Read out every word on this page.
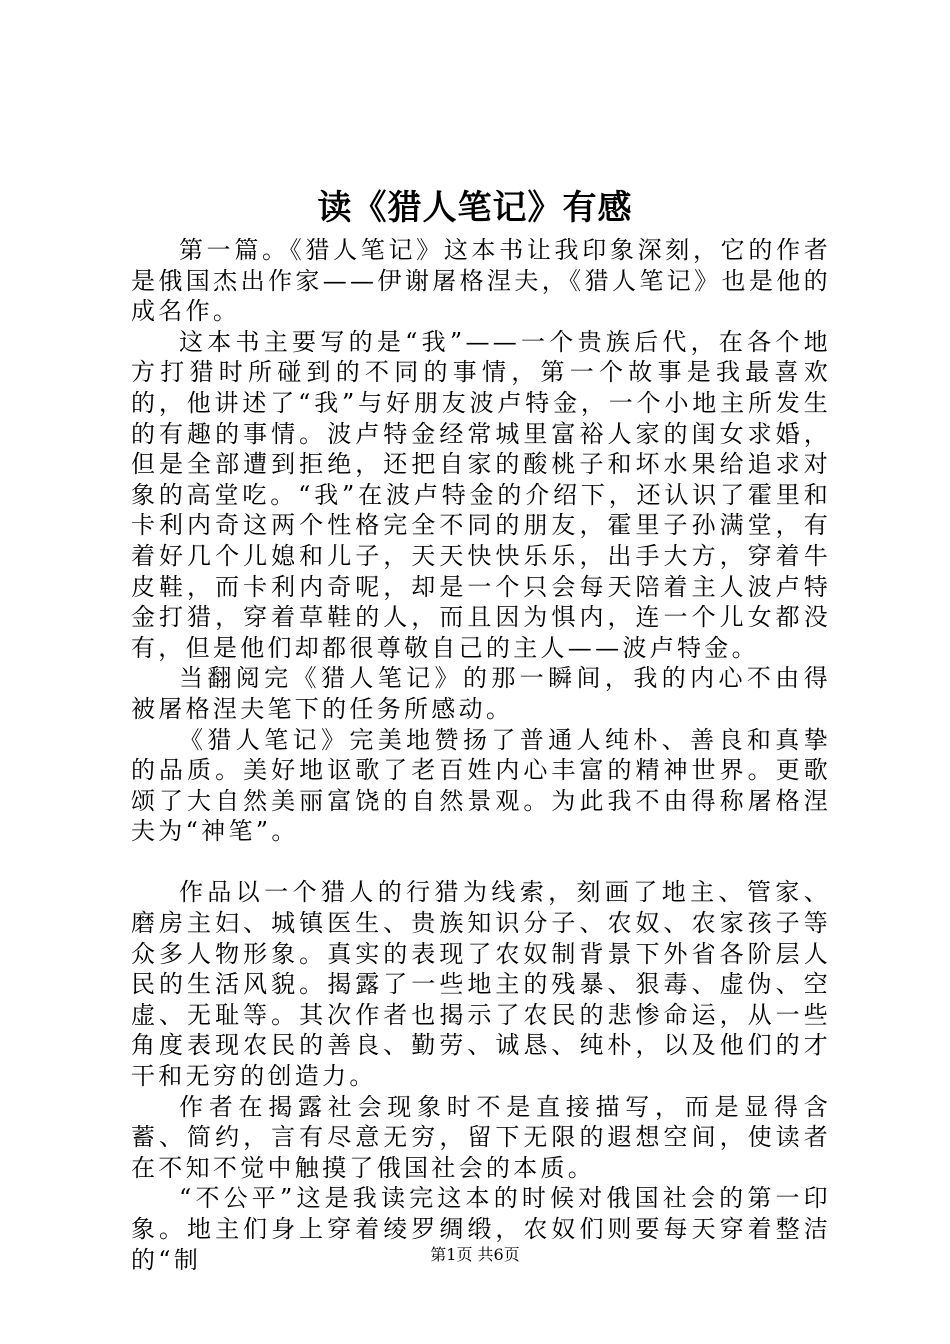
读《猎人笔记》有感

第一篇。《猎人笔记》这本书让我印象深刻，它的作者是俄国杰出作家——伊谢屠格涅夫，《猎人笔记》也是他的成名作。

这本书主要写的是“我”——一个贵族后代，在各个地方打猎时所碰到的不同的事情，第一个故事是我最喜欢的，他讲述了“我”与好朋友波卢特金，一个小地主所发生的有趣的事情。波卢特金经常城里富裕人家的闺女求婚，但是全部遭到拒绝，还把自家的酸桃子和坏水果给追求对象的高堂吃。“我”在波卢特金的介绍下，还认识了霍里和卡利内奇这两个性格完全不同的朋友，霍里子孙满堂，有着好几个儿媳和儿子，天天快快乐乐，出手大方，穿着牛皮鞋，而卡利内奇呢，却是一个只会每天陪着主人波卢特金打猎，穿着草鞋的人，而且因为惧内，连一个儿女都没有，但是他们却都很尊敬自己的主人——波卢特金。

当翻阅完《猎人笔记》的那一瞬间，我的内心不由得被屠格涅夫笔下的任务所感动。

《猎人笔记》完美地赞扬了普通人纯朴、善良和真挚的品质。美好地讴歌了老百姓内心丰富的精神世界。更歌颂了大自然美丽富饶的自然景观。为此我不由得称屠格涅夫为“神笔”。

作品以一个猎人的行猎为线索，刻画了地主、管家、磨房主妇、城镇医生、贵族知识分子、农奴、农家孩子等众多人物形象。真实的表现了农奴制背景下外省各阶层人民的生活风貌。揭露了一些地主的残暴、狠毒、虚伪、空虚、无耻等。其次作者也揭示了农民的悲惨命运，从一些角度表现农民的善良、勤劳、诚恳、纯朴，以及他们的才干和无穷的创造力。

作者在揭露社会现象时不是直接描写，而是显得含蓄、简约，言有尽意无穷，留下无限的遐想空间，使读者在不知不觉中触摸了俄国社会的本质。

“不公平”这是我读完这本的时候对俄国社会的第一印象。地主们身上穿着绫罗绸缎，农奴们则要每天穿着整洁的“制	第1页 共6页
